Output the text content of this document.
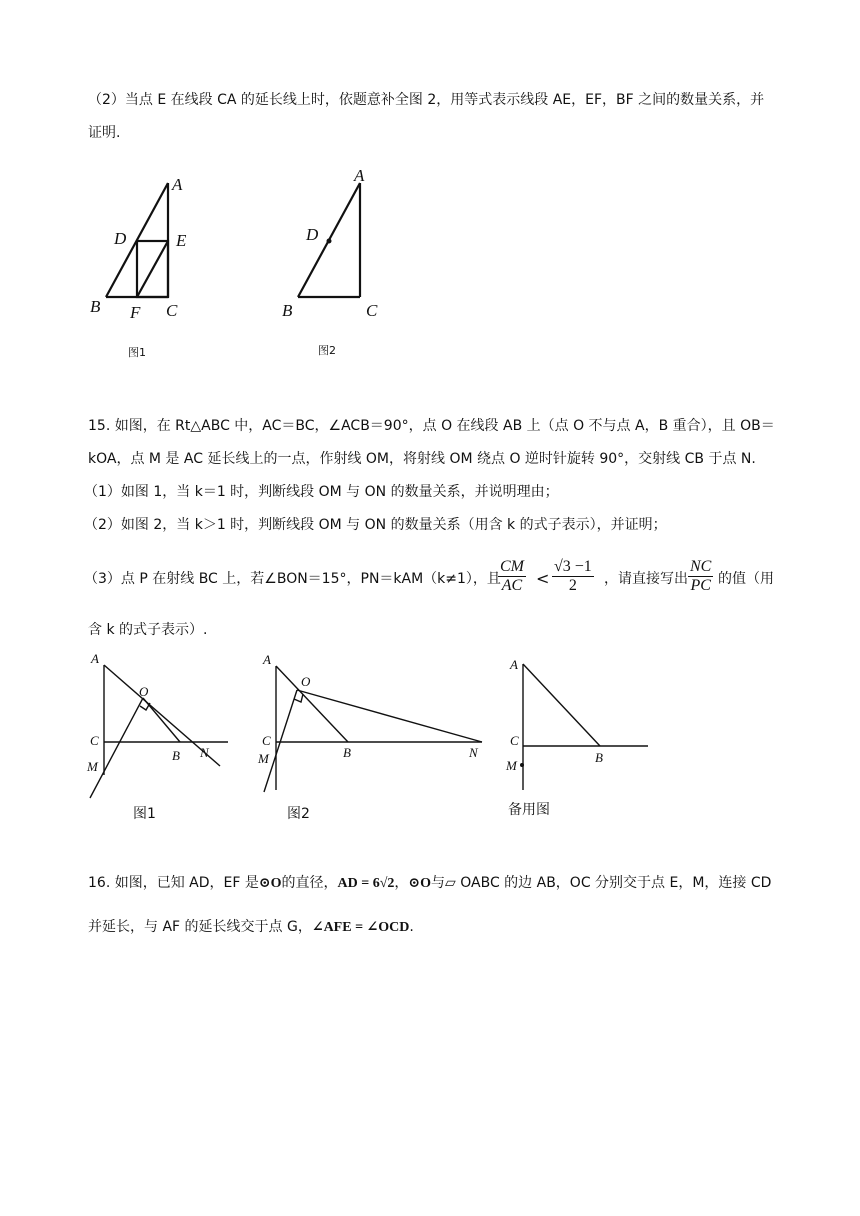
（2）当点 E 在线段 CA 的延长线上时，依题意补全图 2，用等式表示线段 AE，EF，BF 之间的数量关系，并
证明.
A
D	E
B F C
图1
A
D
B	C
图2
A
O
C
B N
M
图1
A
O
C
B	N
M
图2
A
C
B
M
备用图
15. 如图，在 Rt△ABC 中，AC＝BC，∠ACB＝90°，点 O 在线段 AB 上（点 O 不与点 A，B 重合），且 OB＝
kOA，点 M 是 AC 延长线上的一点，作射线 OM，将射线 OM 绕点 O 逆时针旋转 90°，交射线 CB 于点 N.
（1）如图 1，当 k＝1 时，判断线段 OM 与 ON 的数量关系，并说明理由；
（2）如图 2，当 k＞1 时，判断线段 OM 与 ON 的数量关系（用含 k 的式子表示），并证明；
（3）点 P 在射线 BC 上，若∠BON＝15°，PN＝kAM（k≠1），且
$\frac{CM}{AC} < \frac{√3 -1}{2}$ ，请直接写出 $\frac{NC}{PC}$ 的值（用
含 k 的式子表示）.
16. 如图，已知 AD，EF 是⊙O的直径，AD = 6√2，⊙O与▱ OABC 的边 AB，OC 分别交于点 E，M，连接 CD
并延长，与 AF 的延长线交于点 G，∠AFE = ∠OCD.
